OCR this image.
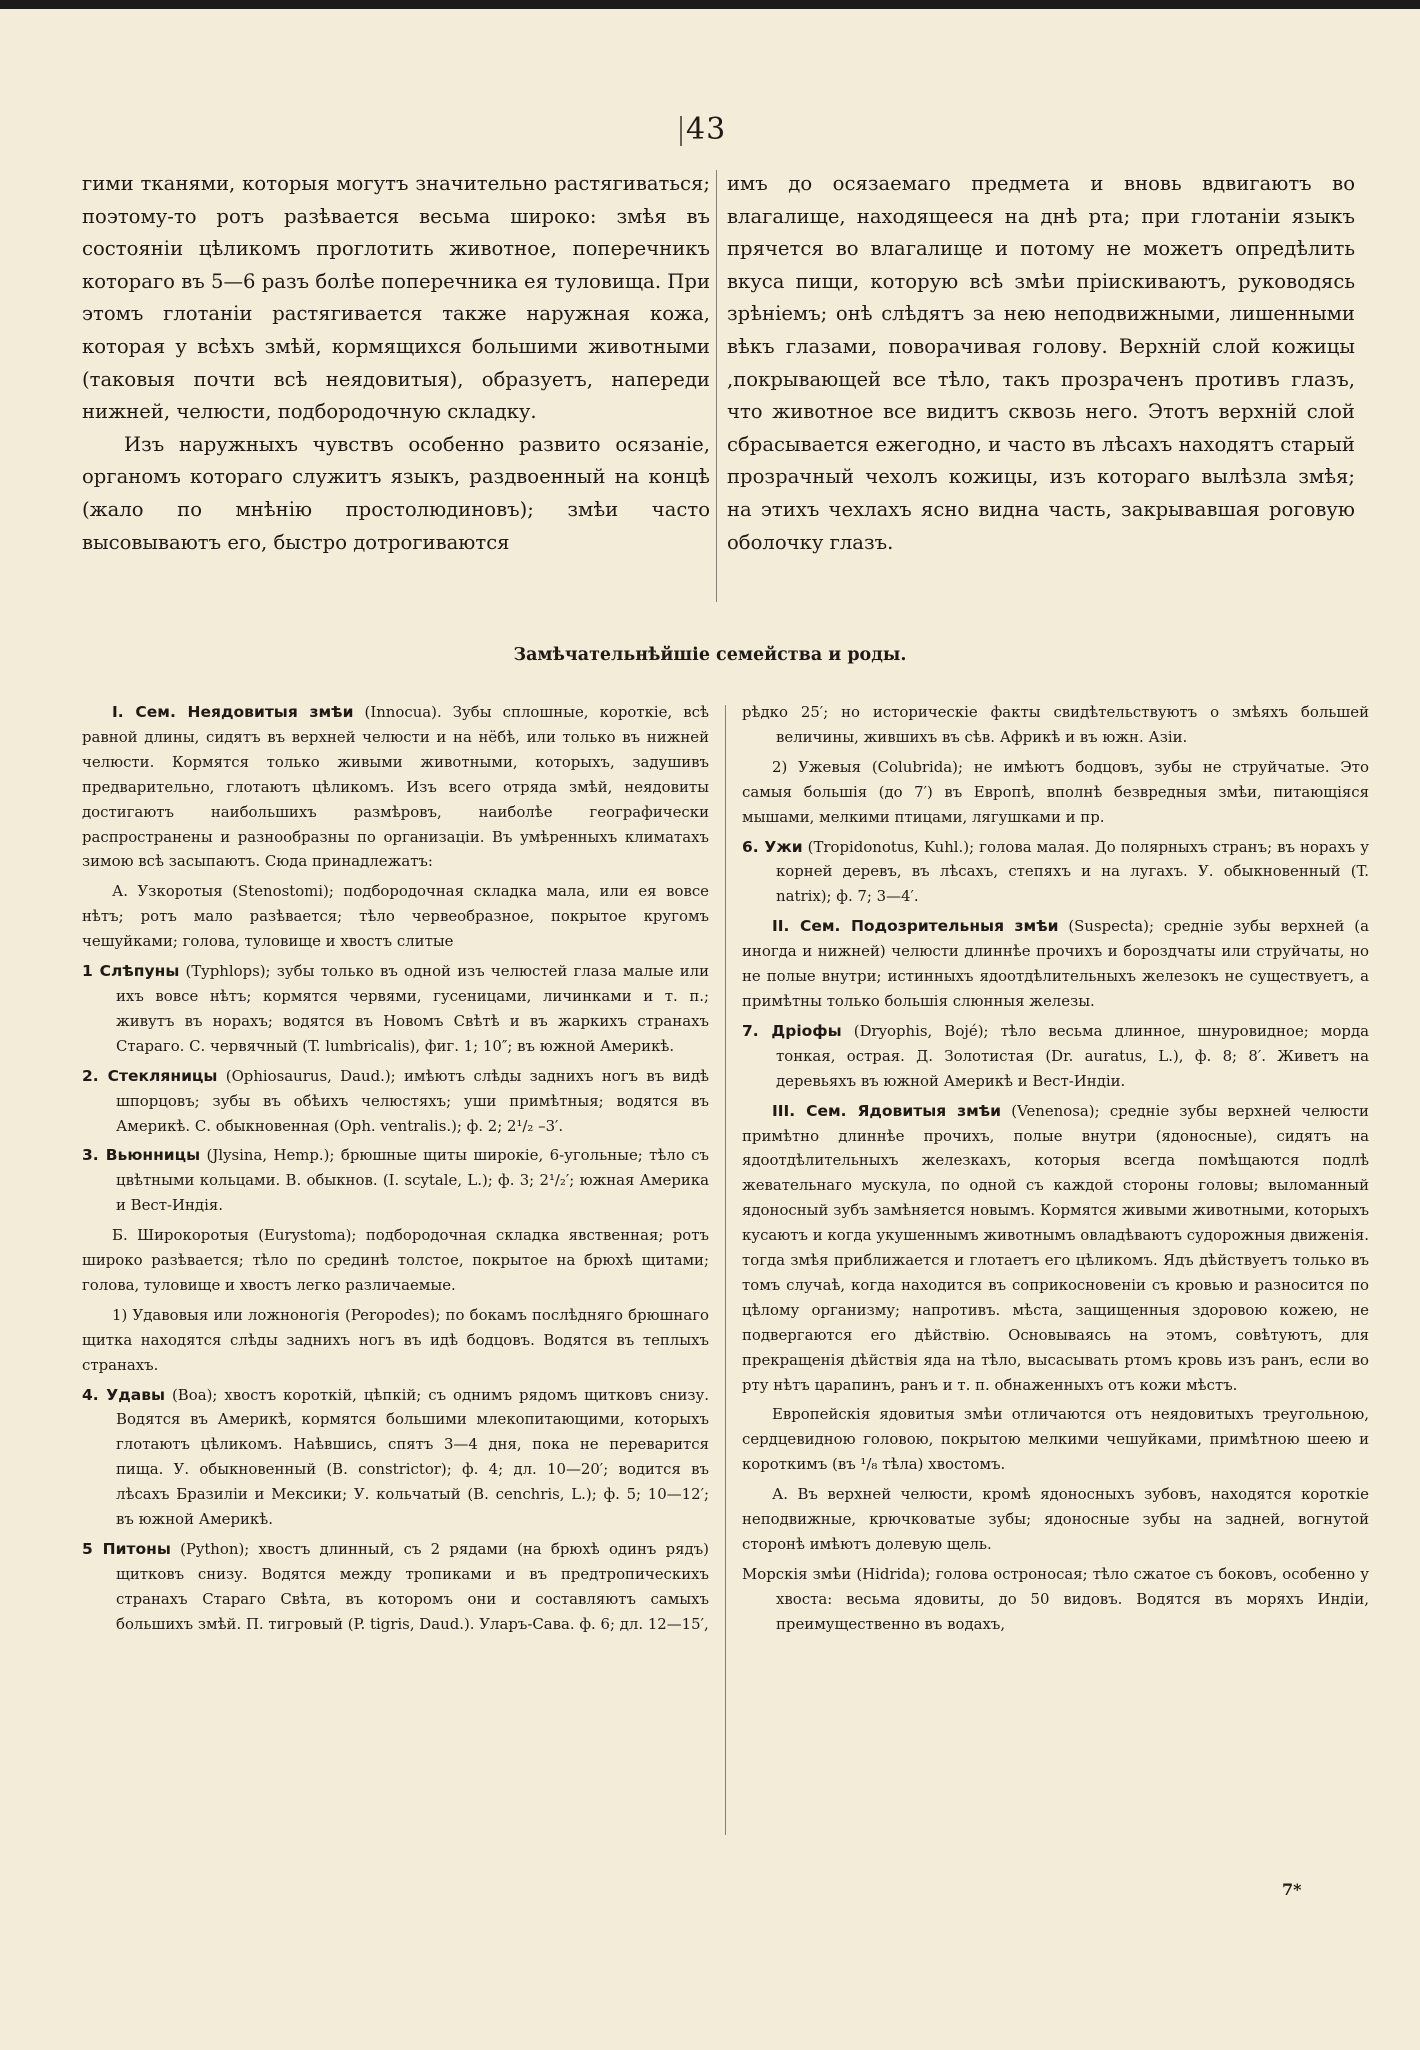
43

гими тканями, которыя могутъ значительно растягиваться; поэтому-то ротъ разѣвается весьма широко: змѣя въ состояніи цѣликомъ проглотить животное, поперечникъ котораго въ 5—6 разъ болѣе поперечника ея туловища. При этомъ глотаніи растягивается также наружная кожа, которая у всѣхъ змѣй, кормящихся большими животными (таковыя почти всѣ неядовитыя), образуетъ, напереди нижней, челюсти, подбородочную складку.

Изъ наружныхъ чувствъ особенно развито осязаніе, органомъ котораго служитъ языкъ, раздвоенный на концѣ (жало по мнѣнію простолюдиновъ); змѣи часто высовываютъ его, быстро дотрогиваются

имъ до осязаемаго предмета и вновь вдвигаютъ во влагалище, находящееся на днѣ рта; при глотаніи языкъ прячется во влагалище и потому не можетъ опредѣлить вкуса пищи, которую всѣ змѣи пріискиваютъ, руководясь зрѣніемъ; онѣ слѣдятъ за нею неподвижными, лишенными вѣкъ глазами, поворачивая голову. Верхній слой кожицы ,покрывающей все тѣло, такъ прозраченъ противъ глазъ, что животное все видитъ сквозь него. Этотъ верхній слой сбрасывается ежегодно, и часто въ лѣсахъ находятъ старый прозрачный чехолъ кожицы, изъ котораго вылѣзла змѣя; на этихъ чехлахъ ясно видна часть, закрывавшая роговую оболочку глазъ.

Замѣчательнѣйшіе семейства и роды.

I. Сем. Неядовитыя змѣи (Innocua). Зубы сплошные, короткіе, всѣ равной длины, сидятъ въ верхней челюсти и на нёбѣ, или только въ нижней челюсти. Кормятся только живыми животными, которыхъ, задушивъ предварительно, глотаютъ цѣликомъ. Изъ всего отряда змѣй, неядовиты достигаютъ наибольшихъ размѣровъ, наиболѣе географически распространены и разнообразны по организаціи. Въ умѣренныхъ климатахъ зимою всѣ засыпаютъ. Сюда принадлежатъ:

А. Узкоротыя (Stenostomi); подбородочная складка мала, или ея вовсе нѣтъ; ротъ мало разѣвается; тѣло червеобразное, покрытое кругомъ чешуйками; голова, туловище и хвостъ слитые

1 Слѣпуны (Typhlops); зубы только въ одной изъ челюстей глаза малые или ихъ вовсе нѣтъ; кормятся червями, гусеницами, личинками и т. п.; живутъ въ норахъ; водятся въ Новомъ Свѣтѣ и въ жаркихъ странахъ Стараго. С. червячный (T. lumbricalis), фиг. 1; 10″; въ южной Америкѣ.

2. Стекляницы (Ophiosaurus, Daud.); имѣютъ слѣды заднихъ ногъ въ видѣ шпорцовъ; зубы въ обѣихъ челюстяхъ; уши примѣтныя; водятся въ Америкѣ. С. обыкновенная (Oph. ventralis.); ф. 2; 2¹/₂ –3′.

3. Вьюнницы (Jlysina, Hemp.); брюшные щиты широкіе, 6-угольные; тѣло съ цвѣтными кольцами. В. обыкнов. (I. scytale, L.); ф. 3; 2¹/₂′; южная Америка и Вест-Индія.

Б. Широкоротыя (Eurystoma); подбородочная складка явственная; ротъ широко разѣвается; тѣло по срединѣ толстое, покрытое на брюхѣ щитами; голова, туловище и хвостъ легко различаемые.

1) Удавовыя или ложноногія (Peropodes); по бокамъ послѣдняго брюшнаго щитка находятся слѣды заднихъ ногъ въ идѣ бодцовъ. Водятся въ теплыхъ странахъ.

4. Удавы (Boa); хвостъ короткій, цѣпкій; съ однимъ рядомъ щитковъ снизу. Водятся въ Америкѣ, кормятся большими млекопитающими, которыхъ глотаютъ цѣликомъ. Наѣвшись, спятъ 3—4 дня, пока не переварится пища. У. обыкновенный (B. constrictor); ф. 4; дл. 10—20′; водится въ лѣсахъ Бразиліи и Мексики; У. кольчатый (B. cenchris, L.); ф. 5; 10—12′; въ южной Америкѣ.

5 Питоны (Python); хвостъ длинный, съ 2 рядами (на брюхѣ одинъ рядъ) щитковъ снизу. Водятся между тропиками и въ предтропическихъ странахъ Стараго Свѣта, въ которомъ они и составляютъ самыхъ большихъ змѣй. П. тигровый (P. tigris, Daud.). Уларъ-Сава. ф. 6; дл. 12—15′,

рѣдко 25′; но историческіе факты свидѣтельствуютъ о змѣяхъ большей величины, жившихъ въ сѣв. Африкѣ и въ южн. Азіи.

2) Ужевыя (Colubrida); не имѣютъ бодцовъ, зубы не струйчатые. Это самыя большія (до 7′) въ Европѣ, вполнѣ безвредныя змѣи, питающіяся мышами, мелкими птицами, лягушками и пр.

6. Ужи (Tropidonotus, Kuhl.); голова малая. До полярныхъ странъ; въ норахъ у корней деревъ, въ лѣсахъ, степяхъ и на лугахъ. У. обыкновенный (T. natrix); ф. 7; 3—4′.

II. Сем. Подозрительныя змѣи (Suspecta); средніе зубы верхней (а иногда и нижней) челюсти длиннѣе прочихъ и бороздчаты или струйчаты, но не полые внутри; истинныхъ ядоотдѣлительныхъ железокъ не существуетъ, а примѣтны только большія слюнныя железы.

7. Дріофы (Dryophis, Bojé); тѣло весьма длинное, шнуровидное; морда тонкая, острая. Д. Золотистая (Dr. auratus, L.), ф. 8; 8′. Живетъ на деревьяхъ въ южной Америкѣ и Вест-Индіи.

III. Сем. Ядовитыя змѣи (Venenosa); средніе зубы верхней челюсти примѣтно длиннѣе прочихъ, полые внутри (ядоносные), сидятъ на ядоотдѣлительныхъ железкахъ, которыя всегда помѣщаются подлѣ жевательнаго мускула, по одной съ каждой стороны головы; выломанный ядоносный зубъ замѣняется новымъ. Кормятся живыми животными, которыхъ кусаютъ и когда укушеннымъ животнымъ овладѣваютъ судорожныя движенія. тогда змѣя приближается и глотаетъ его цѣликомъ. Ядъ дѣйствуетъ только въ томъ случаѣ, когда находится въ соприкосновеніи съ кровью и разносится по цѣлому организму; напротивъ. мѣста, защищенныя здоровою кожею, не подвергаются его дѣйствію. Основываясь на этомъ, совѣтуютъ, для прекращенія дѣйствія яда на тѣло, высасывать ртомъ кровь изъ ранъ, если во рту нѣтъ царапинъ, ранъ и т. п. обнаженныхъ отъ кожи мѣстъ.

Европейскія ядовитыя змѣи отличаются отъ неядовитыхъ треугольною, сердцевидною головою, покрытою мелкими чешуйками, примѣтною шеею и короткимъ (въ ¹/₈ тѣла) хвостомъ.

А. Въ верхней челюсти, кромѣ ядоносныхъ зубовъ, находятся короткіе неподвижные, крючковатые зубы; ядоносные зубы на задней, вогнутой сторонѣ имѣютъ долевую щель.

Морскія змѣи (Hidrida); голова остроносая; тѣло сжатое съ боковъ, особенно у хвоста: весьма ядовиты, до 50 видовъ. Водятся въ моряхъ Индіи, преимущественно въ водахъ,

7*
